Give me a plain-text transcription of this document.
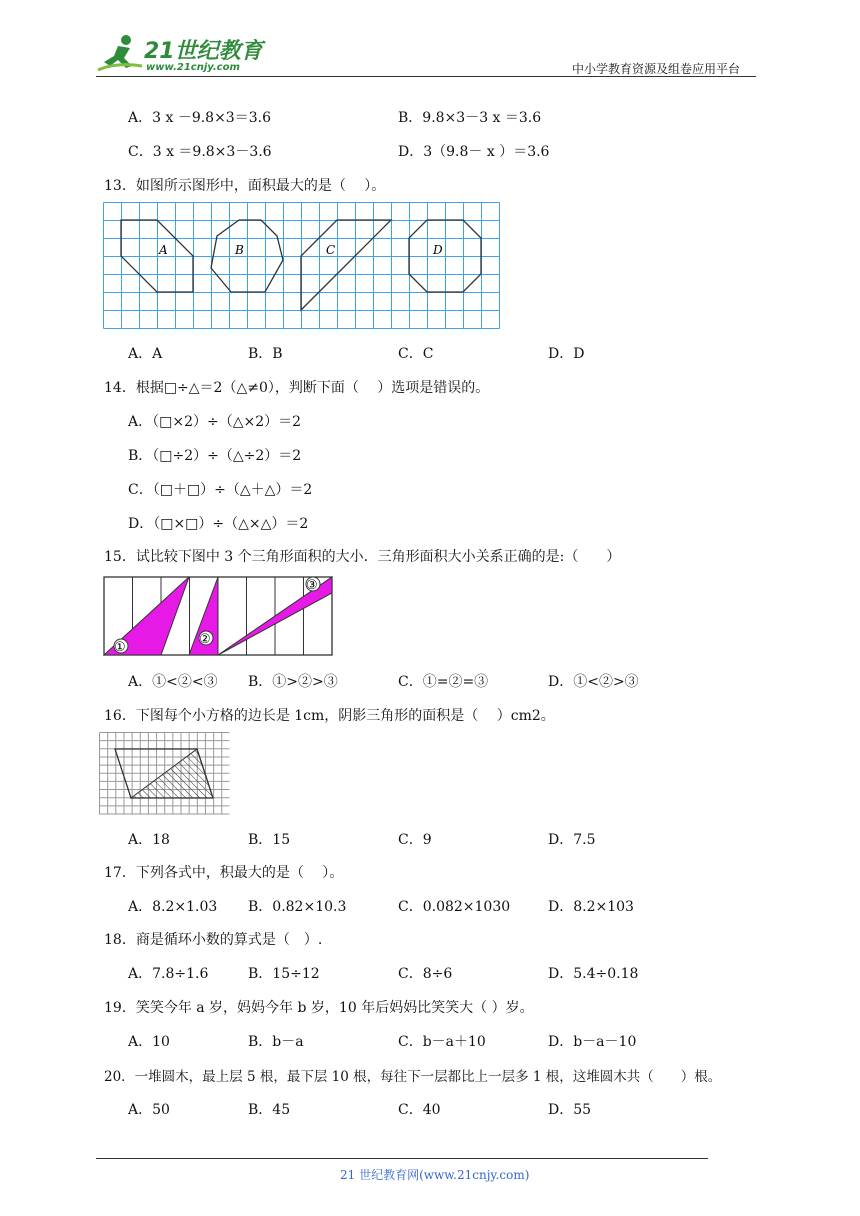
21世纪教育
www.21cnjy.com	中小学教育资源及组卷应用平台
A．3 x －9.8×3＝3.6	B．9.8×3－3 x ＝3.6
C．3 x ＝9.8×3－3.6	D．3（9.8－ x ）＝3.6
13．如图所示图形中，面积最大的是（　 ）。
A	B	C	D
A．A	B．B	C．C	D．D
14．根据□÷△＝2（△≠0），判断下面（　 ）选项是错误的。
A．（□×2）÷（△×2）＝2
B．（□÷2）÷（△÷2）＝2
C．（□＋□）÷（△＋△）＝2
D．（□×□）÷（△×△）＝2
15．试比较下图中 3 个三角形面积的大小．三角形面积大小关系正确的是:（　　）
①
②
③
A．①<②<③ B．①>②>③	C．①=②=③	D．①<②>③
16．下图每个小方格的边长是 1cm，阴影三角形的面积是（　 ）cm2。
A．18	B．15	C．9	D．7.5
17．下列各式中，积最大的是（　 ）。
A．8.2×1.03 B．0.82×10.3	C．0.082×1030	D．8.2×103
18．商是循环小数的算式是（　）.
A．7.8÷1.6	B．15÷12	C．8÷6	D．5.4÷0.18
19．笑笑今年 a 岁，妈妈今年 b 岁，10 年后妈妈比笑笑大（ ）岁。
A．10	B．b－a	C．b－a＋10	D．b－a－10
20．一堆圆木，最上层 5 根，最下层 10 根，每往下一层都比上一层多 1 根，这堆圆木共（　　）根。
A．50	B．45	C．40	D．55
21 世纪教育网(www.21cnjy.com)
